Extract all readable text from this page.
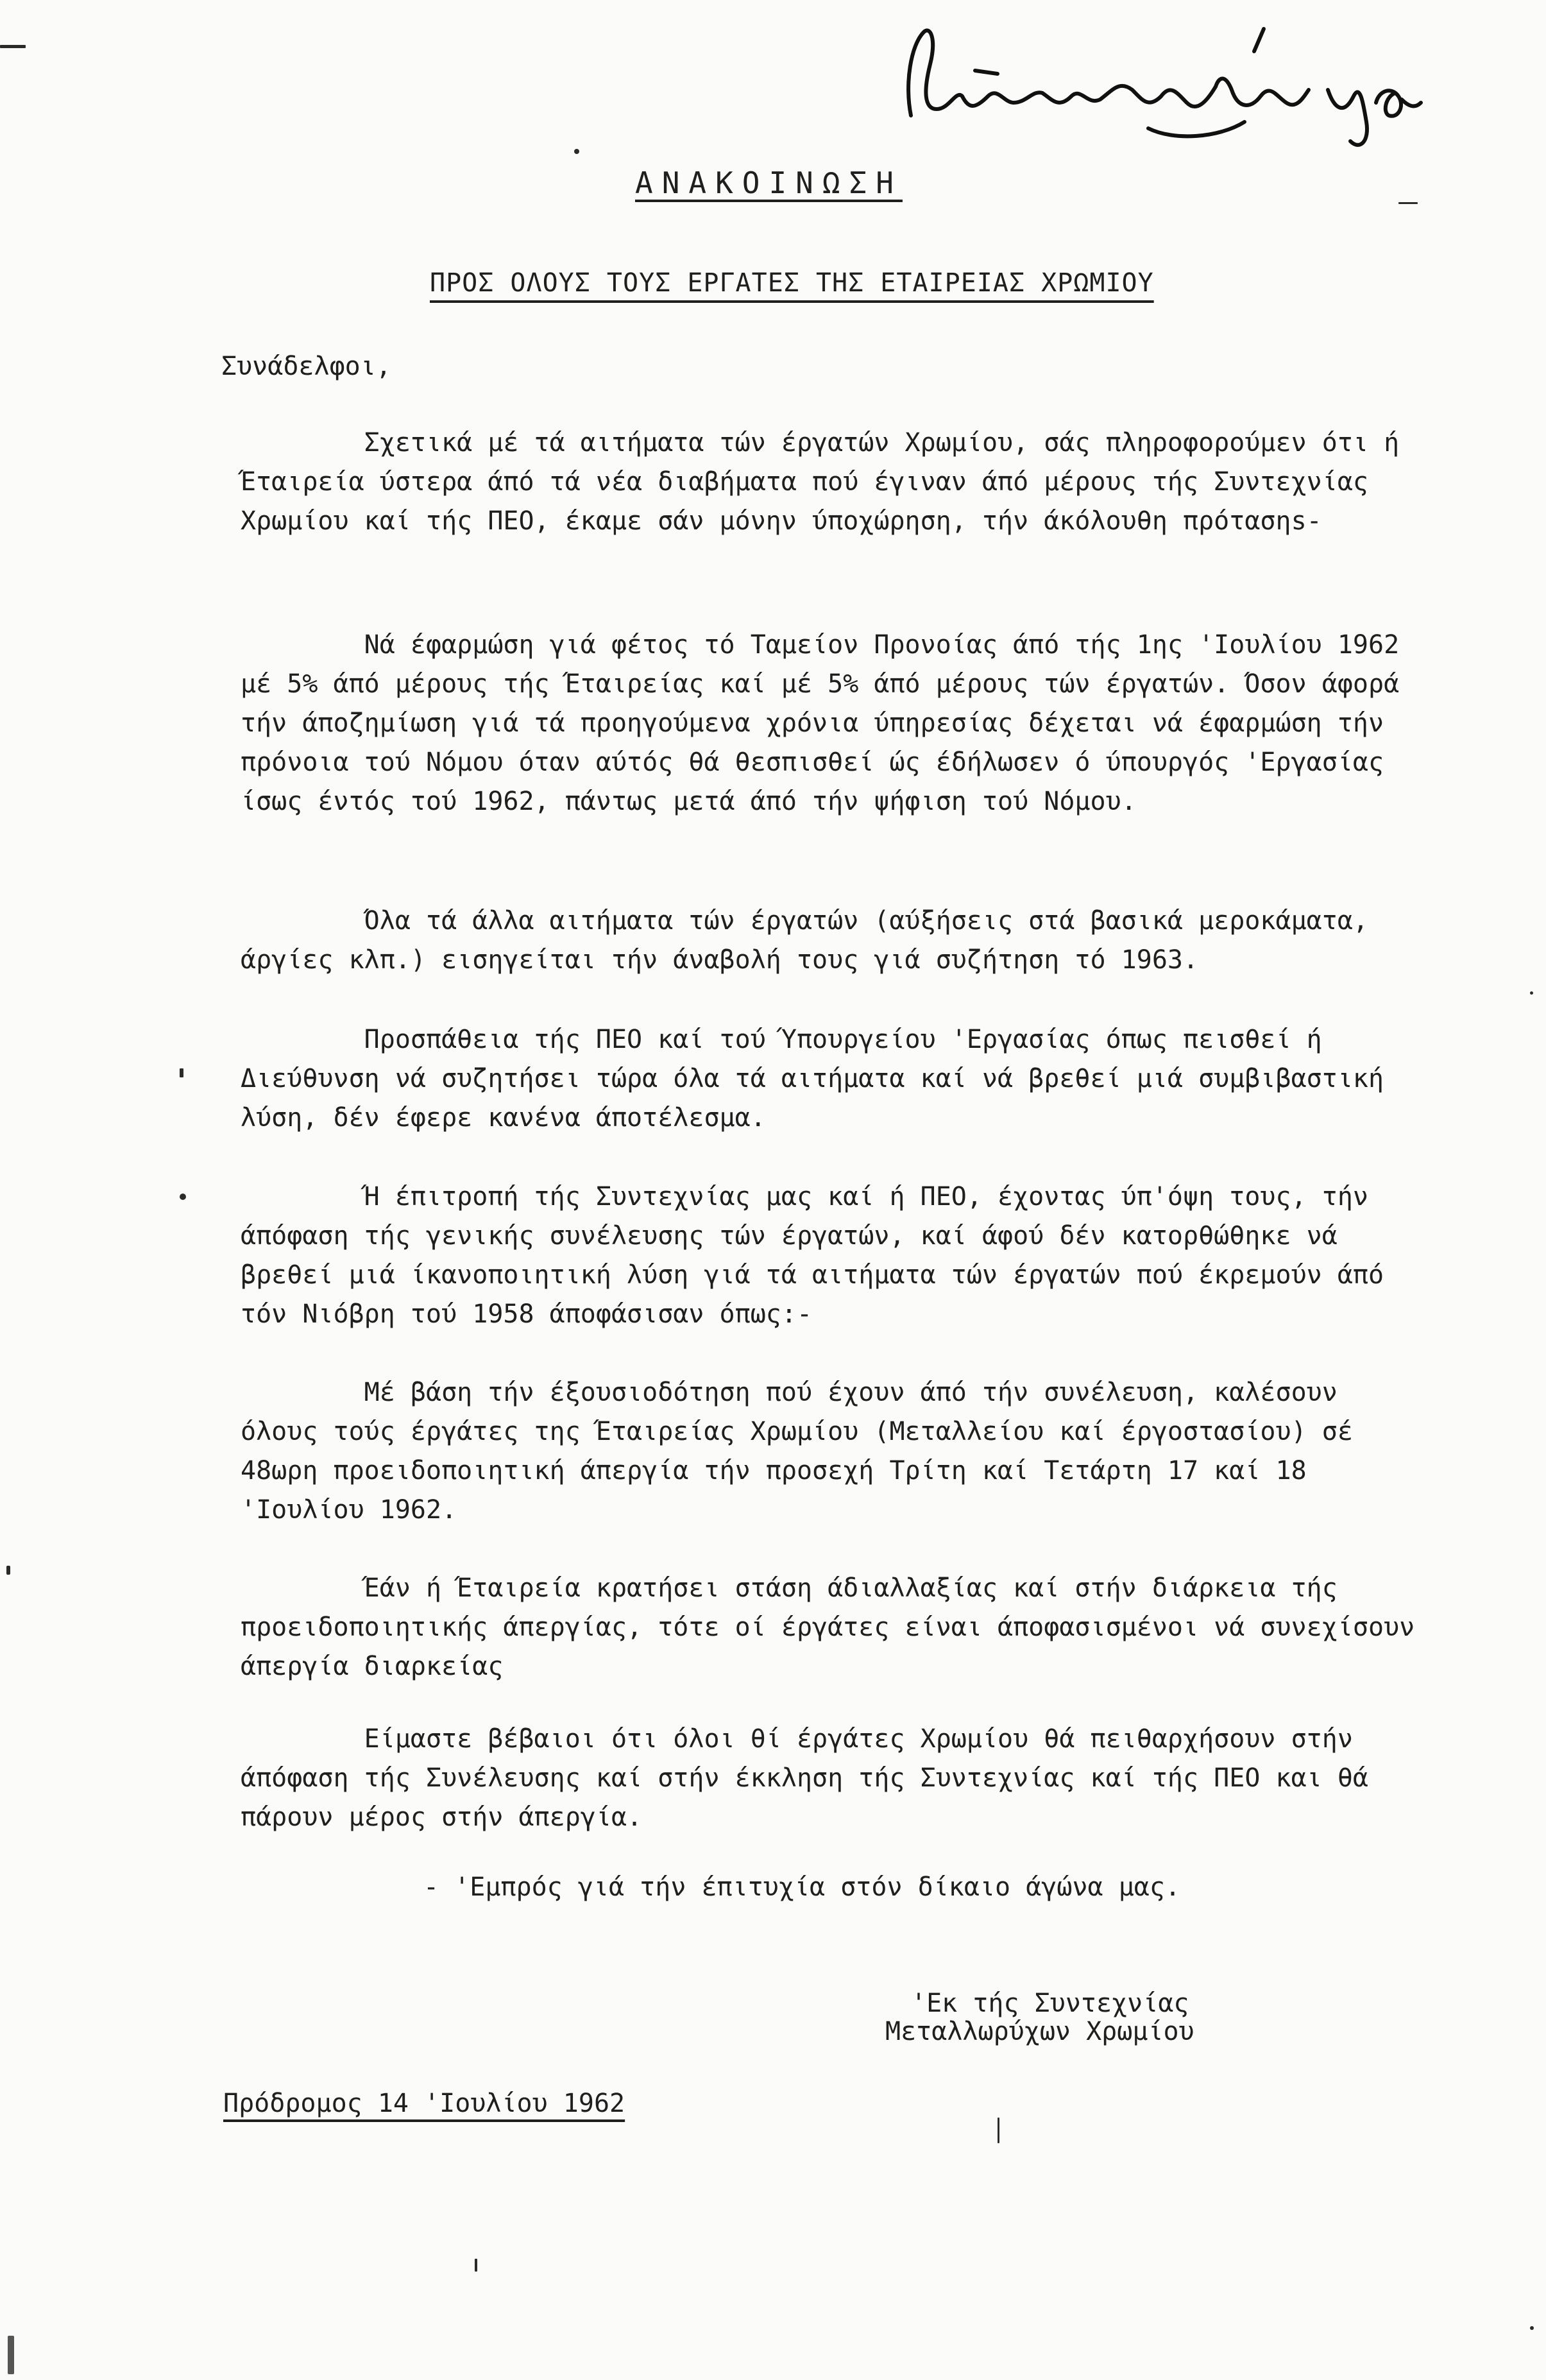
Βεκυρανάκης κτλ.
ΑΝΑΚΟΙΝΩΣΗ
ΠΡΟΣ ΟΛΟΥΣ ΤΟΥΣ ΕΡΓΑΤΕΣ ΤΗΣ ΕΤΑΙΡΕΙΑΣ ΧΡΩΜΙΟΥ
Συνάδελφοι,
Σχετικά μέ τά αιτήματα τών έργατών Χρωμίου, σάς πληροφορούμεν ότι ή Έταιρεία ύστερα άπό τά νέα διαβήματα πού έγιναν άπό μέρους τής Συντεχνίας Χρωμίου καί τής ΠΕΟ, έκαμε σάν μόνην ύποχώρηση, τήν άκόλουθη πρότασηs-
Νά έφαρμώση γιά φέτος τό Ταμείον Προνοίας άπό τής 1ης 'Ιουλίου 1962 μέ 5% άπό μέρους τής Έταιρείας καί μέ 5% άπό μέρους τών έργατών. Όσον άφορά τήν άποζημίωση γιά τά προηγούμενα χρόνια ύπηρεσίας δέχεται νά έφαρμώση τήν πρόνοια τού Νόμου όταν αύτός θά θεσπισθεί ώς έδήλωσεν ό ύπουργός 'Εργασίας ίσως έντός τού 1962, πάντως μετά άπό τήν ψήφιση τού Νόμου.
Όλα τά άλλα αιτήματα τών έργατών (αύξήσεις στά βασικά μεροκάματα, άργίες κλπ.) εισηγείται τήν άναβολή τους γιά συζήτηση τό 1963.
Προσπάθεια τής ΠΕΟ καί τού Ύπουργείου 'Εργασίας όπως πεισθεί ή Διεύθυνση νά συζητήσει τώρα όλα τά αιτήματα καί νά βρεθεί μιά συμβιβαστική λύση, δέν έφερε κανένα άποτέλεσμα.
Ή έπιτροπή τής Συντεχνίας μας καί ή ΠΕΟ, έχοντας ύπ'όψη τους, τήν άπόφαση τής γενικής συνέλευσης τών έργατών, καί άφού δέν κατορθώθηκε νά βρεθεί μιά ίκανοποιητική λύση γιά τά αιτήματα τών έργατών πού έκρεμούν άπό τόν Νιόβρη τού 1958 άποφάσισαν όπως:-
Μέ βάση τήν έξουσιοδότηση πού έχουν άπό τήν συνέλευση, καλέσουν όλους τούς έργάτες της Έταιρείας Χρωμίου (Μεταλλείου καί έργοστασίου) σέ 48ωρη προειδοποιητική άπεργία τήν προσεχή Τρίτη καί Τετάρτη 17 καί 18 'Ιουλίου 1962.
Έάν ή Έταιρεία κρατήσει στάση άδιαλλαξίας καί στήν διάρκεια τής προειδοποιητικής άπεργίας, τότε οί έργάτες είναι άποφασισμένοι νά συνεχίσουν άπεργία διαρκείας
Είμαστε βέβαιοι ότι όλοι θί έργάτες Χρωμίου θά πειθαρχήσουν στήν άπόφαση τής Συνέλευσης καί στήν έκκληση τής Συντεχνίας καί τής ΠΕΟ και θά πάρουν μέρος στήν άπεργία.
- 'Εμπρός γιά τήν έπιτυχία στόν δίκαιο άγώνα μας.
'Εκ τής Συντεχνίας
Μεταλλωρύχων Χρωμίου
Πρόδρομος 14 'Ιουλίου 1962
